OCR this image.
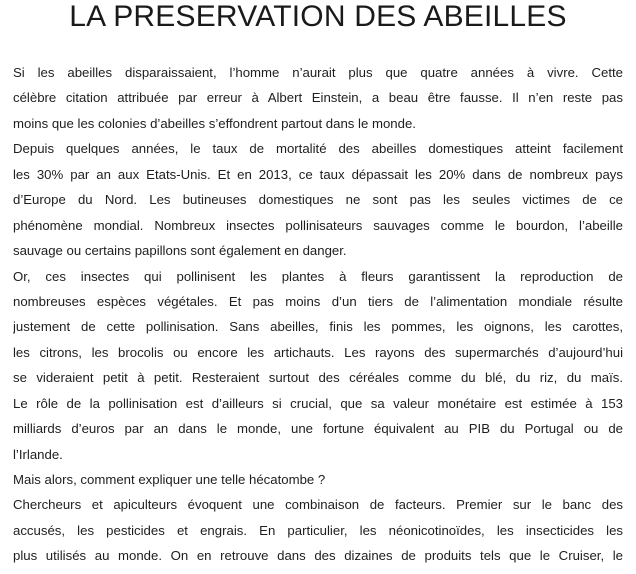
LA PRESERVATION DES ABEILLES
Si les abeilles disparaissaient, l’homme n’aurait plus que quatre années à vivre. Cette
célèbre citation attribuée par erreur à Albert Einstein, a beau être fausse. Il n’en reste pas
moins que les colonies d’abeilles s’effondrent partout dans le monde.
Depuis quelques années, le taux de mortalité des abeilles domestiques atteint facilement
les 30% par an aux Etats-Unis. Et en 2013, ce taux dépassait les 20% dans de nombreux pays
d’Europe du Nord. Les butineuses domestiques ne sont pas les seules victimes de ce
phénomène mondial. Nombreux insectes pollinisateurs sauvages comme le bourdon, l’abeille
sauvage ou certains papillons sont également en danger.
Or, ces insectes qui pollinisent les plantes à fleurs garantissent la reproduction de
nombreuses espèces végétales. Et pas moins d’un tiers de l’alimentation mondiale résulte
justement de cette pollinisation. Sans abeilles, finis les pommes, les oignons, les carottes,
les citrons, les brocolis ou encore les artichauts. Les rayons des supermarchés d’aujourd’hui
se videraient petit à petit. Resteraient surtout des céréales comme du blé, du riz, du maïs.
Le rôle de la pollinisation est d’ailleurs si crucial, que sa valeur monétaire est estimée à 153
milliards d’euros par an dans le monde, une fortune équivalent au PIB du Portugal ou de
l’Irlande.
Mais alors, comment expliquer une telle hécatombe ?
Chercheurs et apiculteurs évoquent une combinaison de facteurs. Premier sur le banc des
accusés, les pesticides et engrais. En particulier, les néonicotinoïdes, les insecticides les
plus utilisés au monde. On en retrouve dans des dizaines de produits tels que le Cruiser, le
